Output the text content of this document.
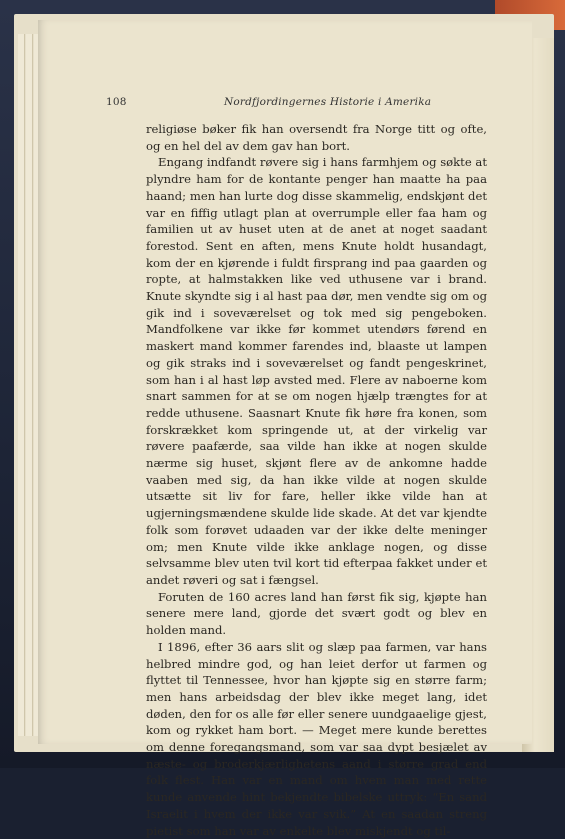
108	Nordfjordingernes Historie i Amerika

religiøse bøker fik han oversendt fra Norge titt og ofte, og en hel del av dem gav han bort.

Engang indfandt røvere sig i hans farmhjem og søkte at plyndre ham for de kontante penger han maatte ha paa haand; men han lurte dog disse skammelig, endskjønt det var en fiffig utlagt plan at overrumple eller faa ham og familien ut av huset uten at de anet at noget saadant forestod. Sent en aften, mens Knute holdt husandagt, kom der en kjørende i fuldt firsprang ind paa gaarden og ropte, at halmstakken like ved uthusene var i brand. Knute skyndte sig i al hast paa dør, men vendte sig om og gik ind i soveværelset og tok med sig pengeboken. Mandfolkene var ikke før kommet utendørs førend en maskert mand kommer farendes ind, blaaste ut lampen og gik straks ind i soveværelset og fandt pengeskrinet, som han i al hast løp avsted med. Flere av naboerne kom snart sammen for at se om nogen hjælp trængtes for at redde uthusene. Saasnart Knute fik høre fra konen, som forskrækket kom springende ut, at der virkelig var røvere paafærde, saa vilde han ikke at nogen skulde nærme sig huset, skjønt flere av de ankomne hadde vaaben med sig, da han ikke vilde at nogen skulde utsætte sit liv for fare, heller ikke vilde han at ugjerningsmændene skulde lide skade. At det var kjendte folk som forøvet udaaden var der ikke delte meninger om; men Knute vilde ikke anklage nogen, og disse selvsamme blev uten tvil kort tid efterpaa fakket under et andet røveri og sat i fængsel.

Foruten de 160 acres land han først fik sig, kjøpte han senere mere land, gjorde det svært godt og blev en holden mand.

I 1896, efter 36 aars slit og slæp paa farmen, var hans helbred mindre god, og han leiet derfor ut farmen og flyttet til Tennessee, hvor han kjøpte sig en større farm; men hans arbeidsdag der blev ikke meget lang, idet døden, den for os alle før eller senere uundgaaelige gjest, kom og rykket ham bort. — Meget mere kunde berettes om denne foregangsmand, som var saa dypt besjælet av næste- og broderkjærlighetens aand i større grad end folk flest. Han var en mand om hvem man med rette kunde anvende hint bekjendte bibelske uttryk: “En sand Israelit i hvem der ikke var svik.” At en saadan streng pietist som han var av enkelte blev miskjendt og til-
